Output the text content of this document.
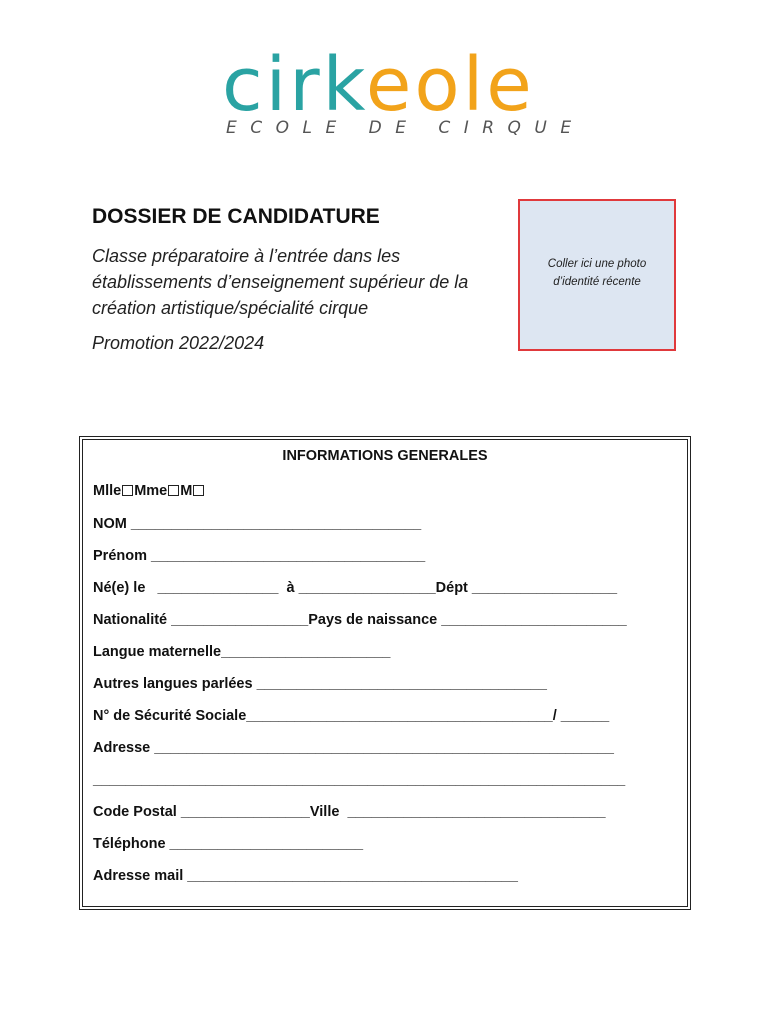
cirkeole
ECOLE DE CIRQUE
DOSSIER DE CANDIDATURE
Classe préparatoire à l’entrée dans les établissements d’enseignement supérieur de la création artistique/spécialité cirque
Promotion 2022/2024
Coller ici une photo
d’identité récente
INFORMATIONS GENERALES
Mlle Mme M
NOM ____________________________________
Prénom __________________________________
Né(e) le   _______________  à _________________Dépt __________________
Nationalité _________________Pays de naissance _______________________
Langue maternelle_____________________
Autres langues parlées ____________________________________
N° de Sécurité Sociale______________________________________/ ______
Adresse _________________________________________________________
__________________________________________________________________
Code Postal ________________Ville  ________________________________
Téléphone ________________________
Adresse mail _________________________________________
